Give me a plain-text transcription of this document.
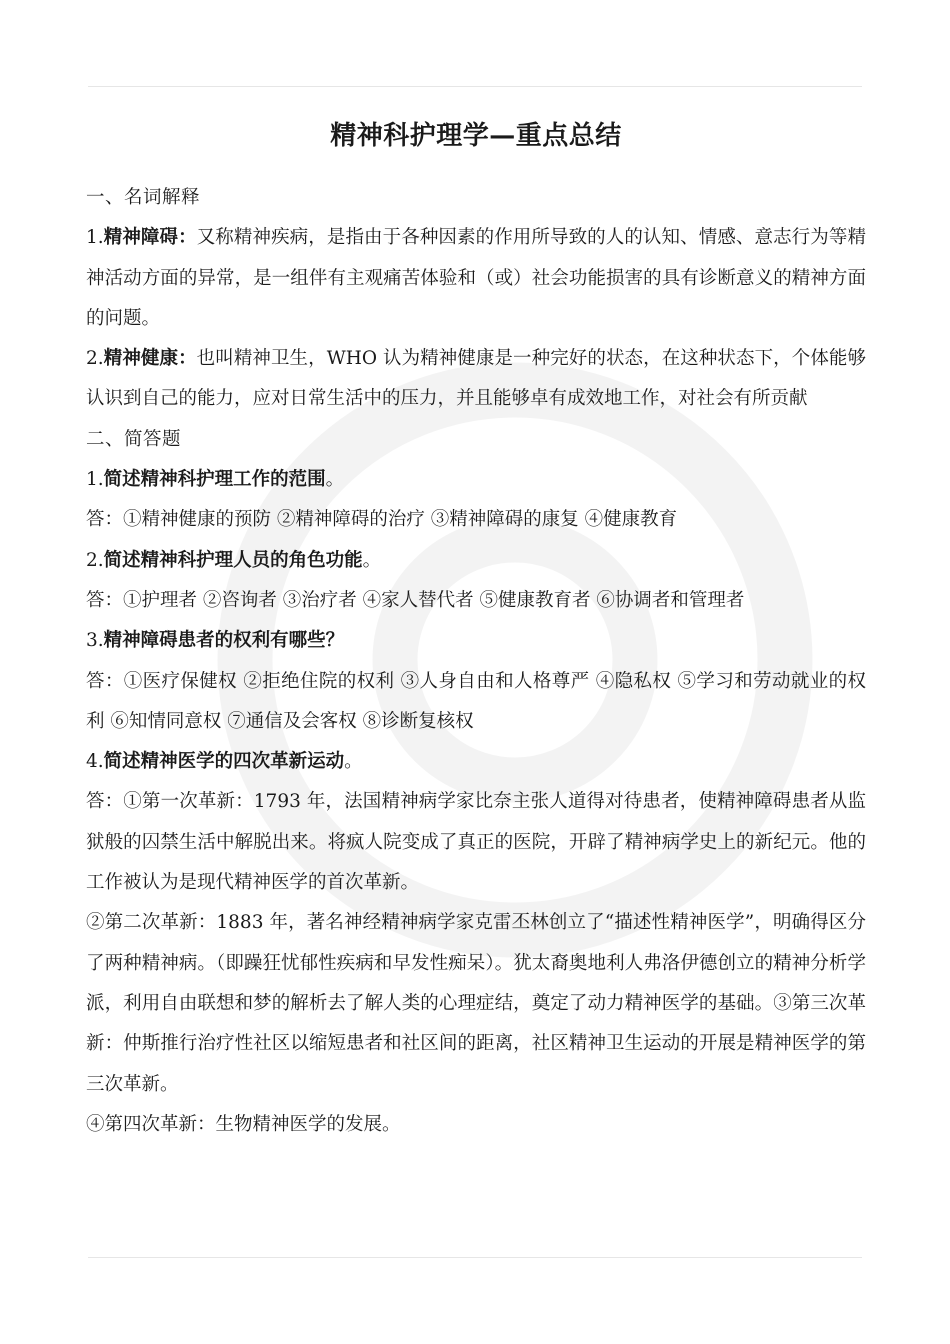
精神科护理学—重点总结

一、名词解释

1.精神障碍：又称精神疾病，是指由于各种因素的作用所导致的人的认知、情感、意志行为等精神活动方面的异常，是一组伴有主观痛苦体验和（或）社会功能损害的具有诊断意义的精神方面的问题。

2.精神健康：也叫精神卫生，WHO 认为精神健康是一种完好的状态，在这种状态下，个体能够认识到自己的能力，应对日常生活中的压力，并且能够卓有成效地工作，对社会有所贡献

二、简答题

1.简述精神科护理工作的范围。

答：①精神健康的预防 ②精神障碍的治疗 ③精神障碍的康复 ④健康教育

2.简述精神科护理人员的角色功能。

答：①护理者 ②咨询者 ③治疗者 ④家人替代者 ⑤健康教育者 ⑥协调者和管理者

3.精神障碍患者的权利有哪些？

答：①医疗保健权 ②拒绝住院的权利 ③人身自由和人格尊严 ④隐私权 ⑤学习和劳动就业的权利 ⑥知情同意权 ⑦通信及会客权 ⑧诊断复核权

4.简述精神医学的四次革新运动。

答：①第一次革新：1793 年，法国精神病学家比奈主张人道得对待患者，使精神障碍患者从监狱般的囚禁生活中解脱出来。将疯人院变成了真正的医院，开辟了精神病学史上的新纪元。他的工作被认为是现代精神医学的首次革新。

②第二次革新：1883 年，著名神经精神病学家克雷丕林创立了“描述性精神医学”，明确得区分了两种精神病。（即躁狂忧郁性疾病和早发性痴呆）。犹太裔奥地利人弗洛伊德创立的精神分析学派，利用自由联想和梦的解析去了解人类的心理症结，奠定了动力精神医学的基础。③第三次革新：仲斯推行治疗性社区以缩短患者和社区间的距离，社区精神卫生运动的开展是精神医学的第三次革新。

④第四次革新：生物精神医学的发展。
